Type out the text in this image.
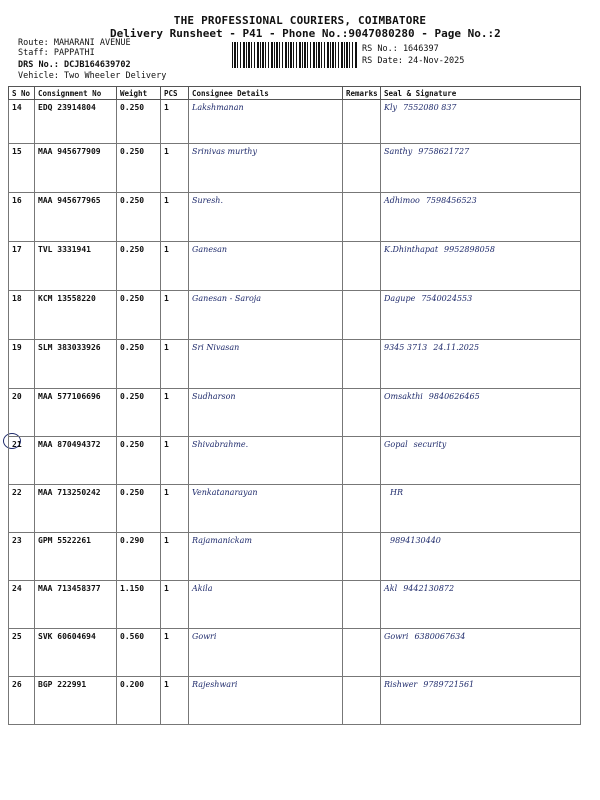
THE PROFESSIONAL COURIERS, COIMBATORE
Delivery Runsheet - P41 - Phone No.:9047080280 - Page No.:2
Route: MAHARANI AVENUE
Staff: PAPPATHI
DRS No.: DCJB164639702
Vehicle: Two Wheeler Delivery
RS No.: 1646397
RS Date: 24-Nov-2025
S No	Consignment No	Weight	PCS	Consignee Details	Remarks	Seal & Signature
14	EDQ 23914804	0.250	1	Lakshmanan		Kly 7552080 837
15	MAA 945677909	0.250	1	Srinivas murthy		Santhy 9758621727
16	MAA 945677965	0.250	1	Suresh.		Adhimoo 7598456523
17	TVL 3331941	0.250	1	Ganesan		K.Dhinthapat 9952898058
18	KCM 13558220	0.250	1	Ganesan - Saroja		Dagupe 7540024553
19	SLM 383033926	0.250	1	Sri Nivasan		9345 3713 24.11.2025
20	MAA 577106696	0.250	1	Sudharson		Omsakthi 9840626465
21	MAA 870494372	0.250	1	Shivabrahme.		Gopal security
22	MAA 713250242	0.250	1	Venkatanarayan		HR
23	GPM 5522261	0.290	1	Rajamanickam		9894130440
24	MAA 713458377	1.150	1	Akila		Akl 9442130872
25	SVK 60604694	0.560	1	Gowri		Gowri 6380067634
26	BGP 222991	0.200	1	Rajeshwari		Rishwer 9789721561
